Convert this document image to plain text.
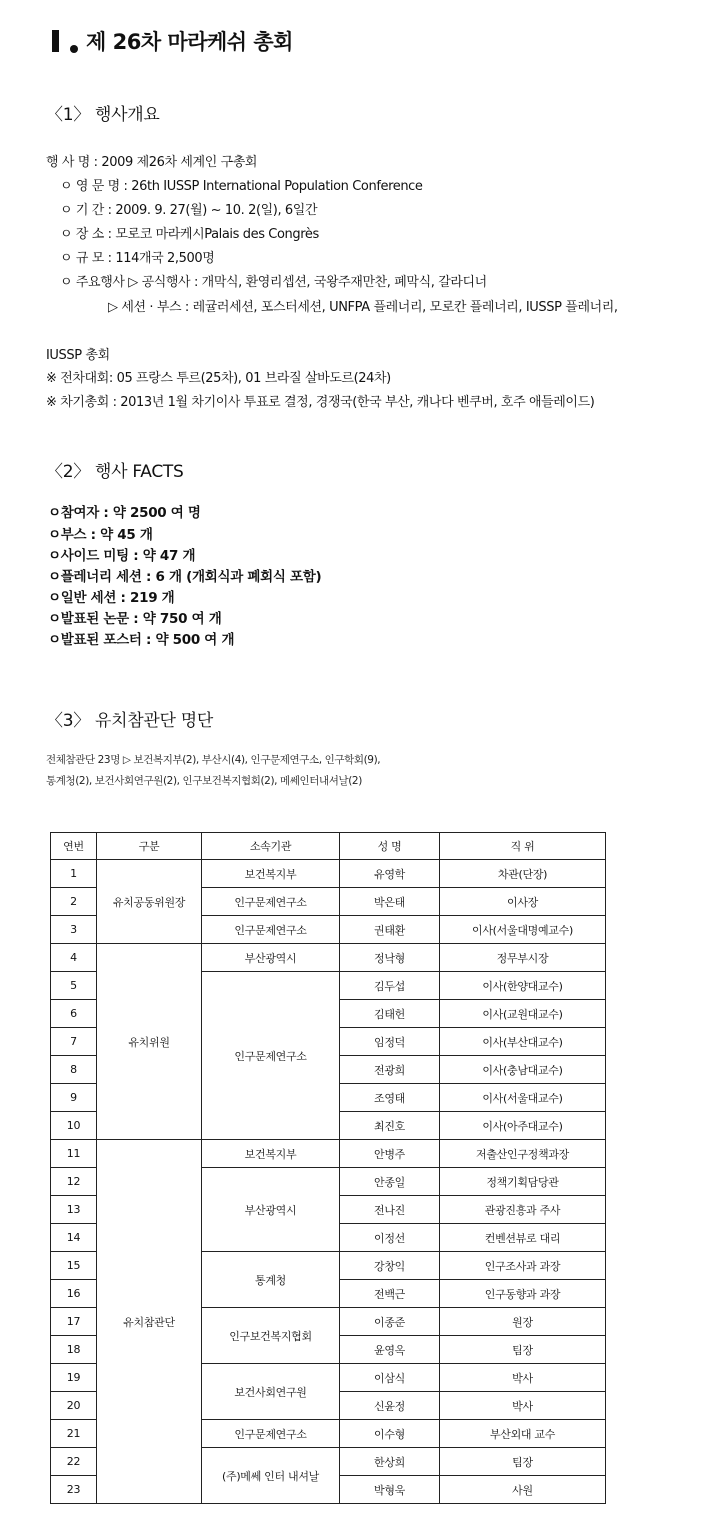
제 26차 마라케쉬 총회
〈1〉 행사개요
행 사 명 : 2009 제26차 세계인 구총회
ㅇ 영 문 명 : 26th IUSSP International Population Conference
ㅇ 기 간 : 2009. 9. 27(월) ~ 10. 2(일), 6일간
ㅇ 장 소 : 모로코 마라케시Palais des Congrès
ㅇ 규 모 : 114개국 2,500명
ㅇ 주요행사 ▷ 공식행사 : 개막식, 환영리셉션, 국왕주재만찬, 폐막식, 갈라디너
▷ 세션 · 부스 : 레귤러세션, 포스터세션, UNFPA 플레너리, 모로칸 플레너리, IUSSP 플레너리,
IUSSP 총회
※ 전차대회: 05 프랑스 투르(25차), 01 브라질 살바도르(24차)
※ 차기총회 : 2013년 1월 차기이사 투표로 결정, 경쟁국(한국 부산, 캐나다 벤쿠버, 호주 애들레이드)
〈2〉 행사 FACTS
ㅇ참여자 : 약 2500 여 명
ㅇ부스 : 약 45 개
ㅇ사이드 미팅 : 약 47 개
ㅇ플레너리 세션 : 6 개 (개회식과 폐회식 포함)
ㅇ일반 세션 : 219 개
ㅇ발표된 논문 : 약 750 여 개
ㅇ발표된 포스터 : 약 500 여 개
〈3〉 유치참관단 명단
전체참관단 23명 ▷ 보건복지부(2), 부산시(4), 인구문제연구소, 인구학회(9),
통계청(2), 보건사회연구원(2), 인구보건복지협회(2), 메쎄인터내셔날(2)
연번	구분	소속기관	성 명	직 위
1	유치공동위원장	보건복지부	유영학	차관(단장)
2		인구문제연구소	박은태	이사장
3		인구문제연구소	권태환	이사(서울대명예교수)
4	유치위원	부산광역시	정낙형	정무부시장
5		인구문제연구소	김두섭	이사(한양대교수)
6			김태헌	이사(교원대교수)
7			임정덕	이사(부산대교수)
8			전광희	이사(충남대교수)
9			조영태	이사(서울대교수)
10			최진호	이사(아주대교수)
11	유치참관단	보건복지부	안병주	저출산인구정책과장
12		부산광역시	안종일	정책기획담당관
13			전나진	관광진흥과 주사
14			이정선	컨벤션뷰로 대리
15		통계청	강창익	인구조사과 과장
16			전백근	인구동향과 과장
17		인구보건복지협회	이종준	원장
18			윤영옥	팀장
19		보건사회연구원	이삼식	박사
20			신윤정	박사
21		인구문제연구소	이수형	부산외대 교수
22		(주)메쎄 인터 내셔날	한상희	팀장
23			박형욱	사원
